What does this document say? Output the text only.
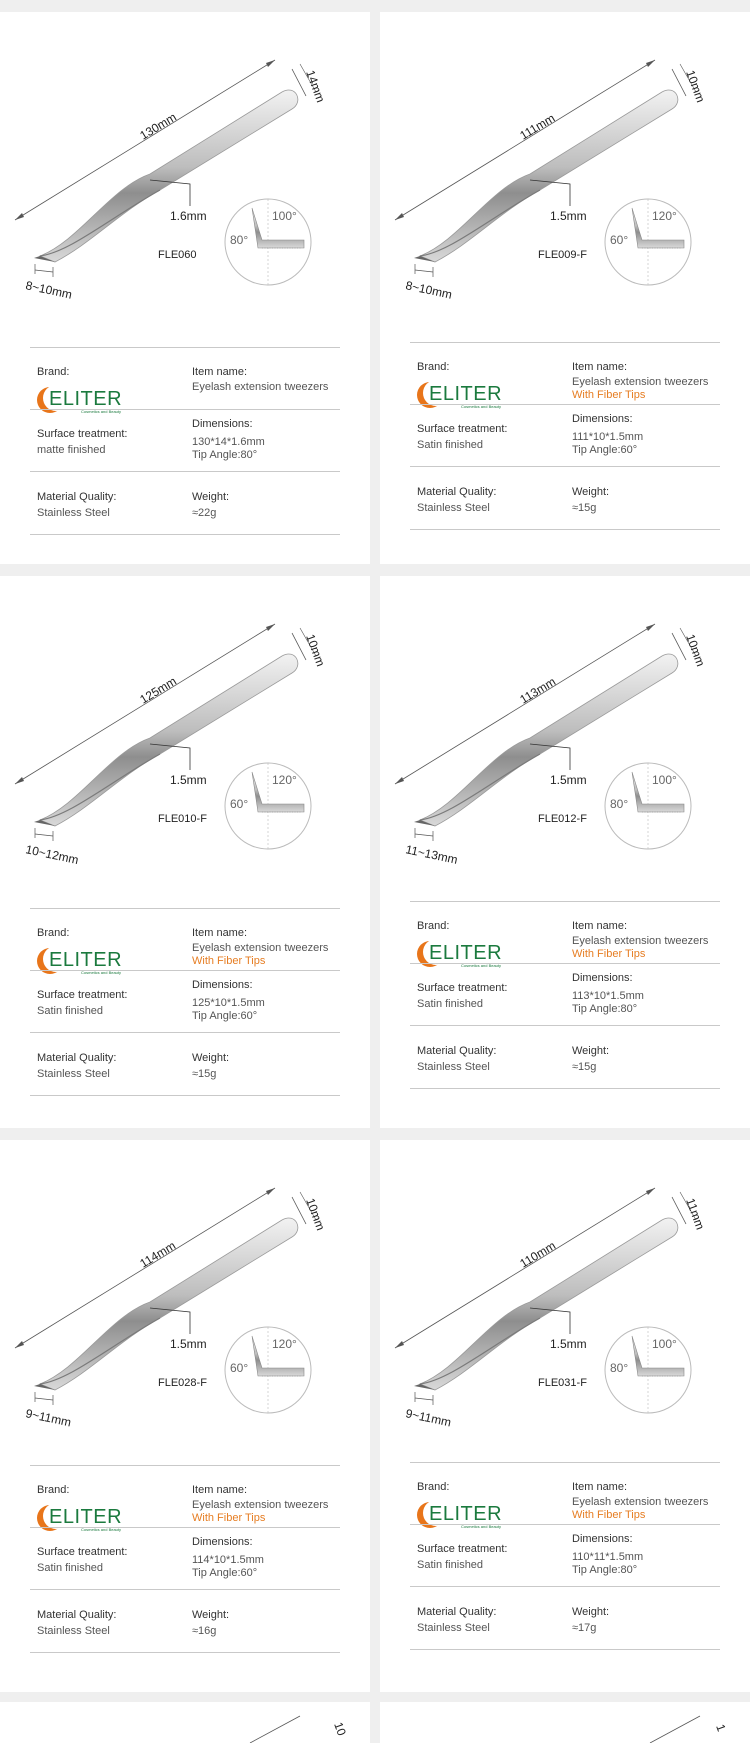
130mm
14mm
1.6mm
8~10mm
FLE060
100°
80°
Brand:
ELITER
Cosmetics and Beauty
Item name:
Eyelash extension tweezers
Surface treatment:
matte finished
Dimensions:
130*14*1.6mm
Tip Angle:80°
Material Quality:
Stainless Steel
Weight:
≈22g
111mm
10mm
1.5mm
8~10mm
FLE009-F
120°
60°
Brand:
ELITER
Cosmetics and Beauty
Item name:
Eyelash extension tweezers
With Fiber Tips
Surface treatment:
Satin finished
Dimensions:
111*10*1.5mm
Tip Angle:60°
Material Quality:
Stainless Steel
Weight:
≈15g
125mm
10mm
1.5mm
10~12mm
FLE010-F
120°
60°
Brand:
ELITER
Cosmetics and Beauty
Item name:
Eyelash extension tweezers
With Fiber Tips
Surface treatment:
Satin finished
Dimensions:
125*10*1.5mm
Tip Angle:60°
Material Quality:
Stainless Steel
Weight:
≈15g
113mm
10mm
1.5mm
11~13mm
FLE012-F
100°
80°
Brand:
ELITER
Cosmetics and Beauty
Item name:
Eyelash extension tweezers
With Fiber Tips
Surface treatment:
Satin finished
Dimensions:
113*10*1.5mm
Tip Angle:80°
Material Quality:
Stainless Steel
Weight:
≈15g
114mm
10mm
1.5mm
9~11mm
FLE028-F
120°
60°
Brand:
ELITER
Cosmetics and Beauty
Item name:
Eyelash extension tweezers
With Fiber Tips
Surface treatment:
Satin finished
Dimensions:
114*10*1.5mm
Tip Angle:60°
Material Quality:
Stainless Steel
Weight:
≈16g
110mm
11mm
1.5mm
9~11mm
FLE031-F
100°
80°
Brand:
ELITER
Cosmetics and Beauty
Item name:
Eyelash extension tweezers
With Fiber Tips
Surface treatment:
Satin finished
Dimensions:
110*11*1.5mm
Tip Angle:80°
Material Quality:
Stainless Steel
Weight:
≈17g
10	1
